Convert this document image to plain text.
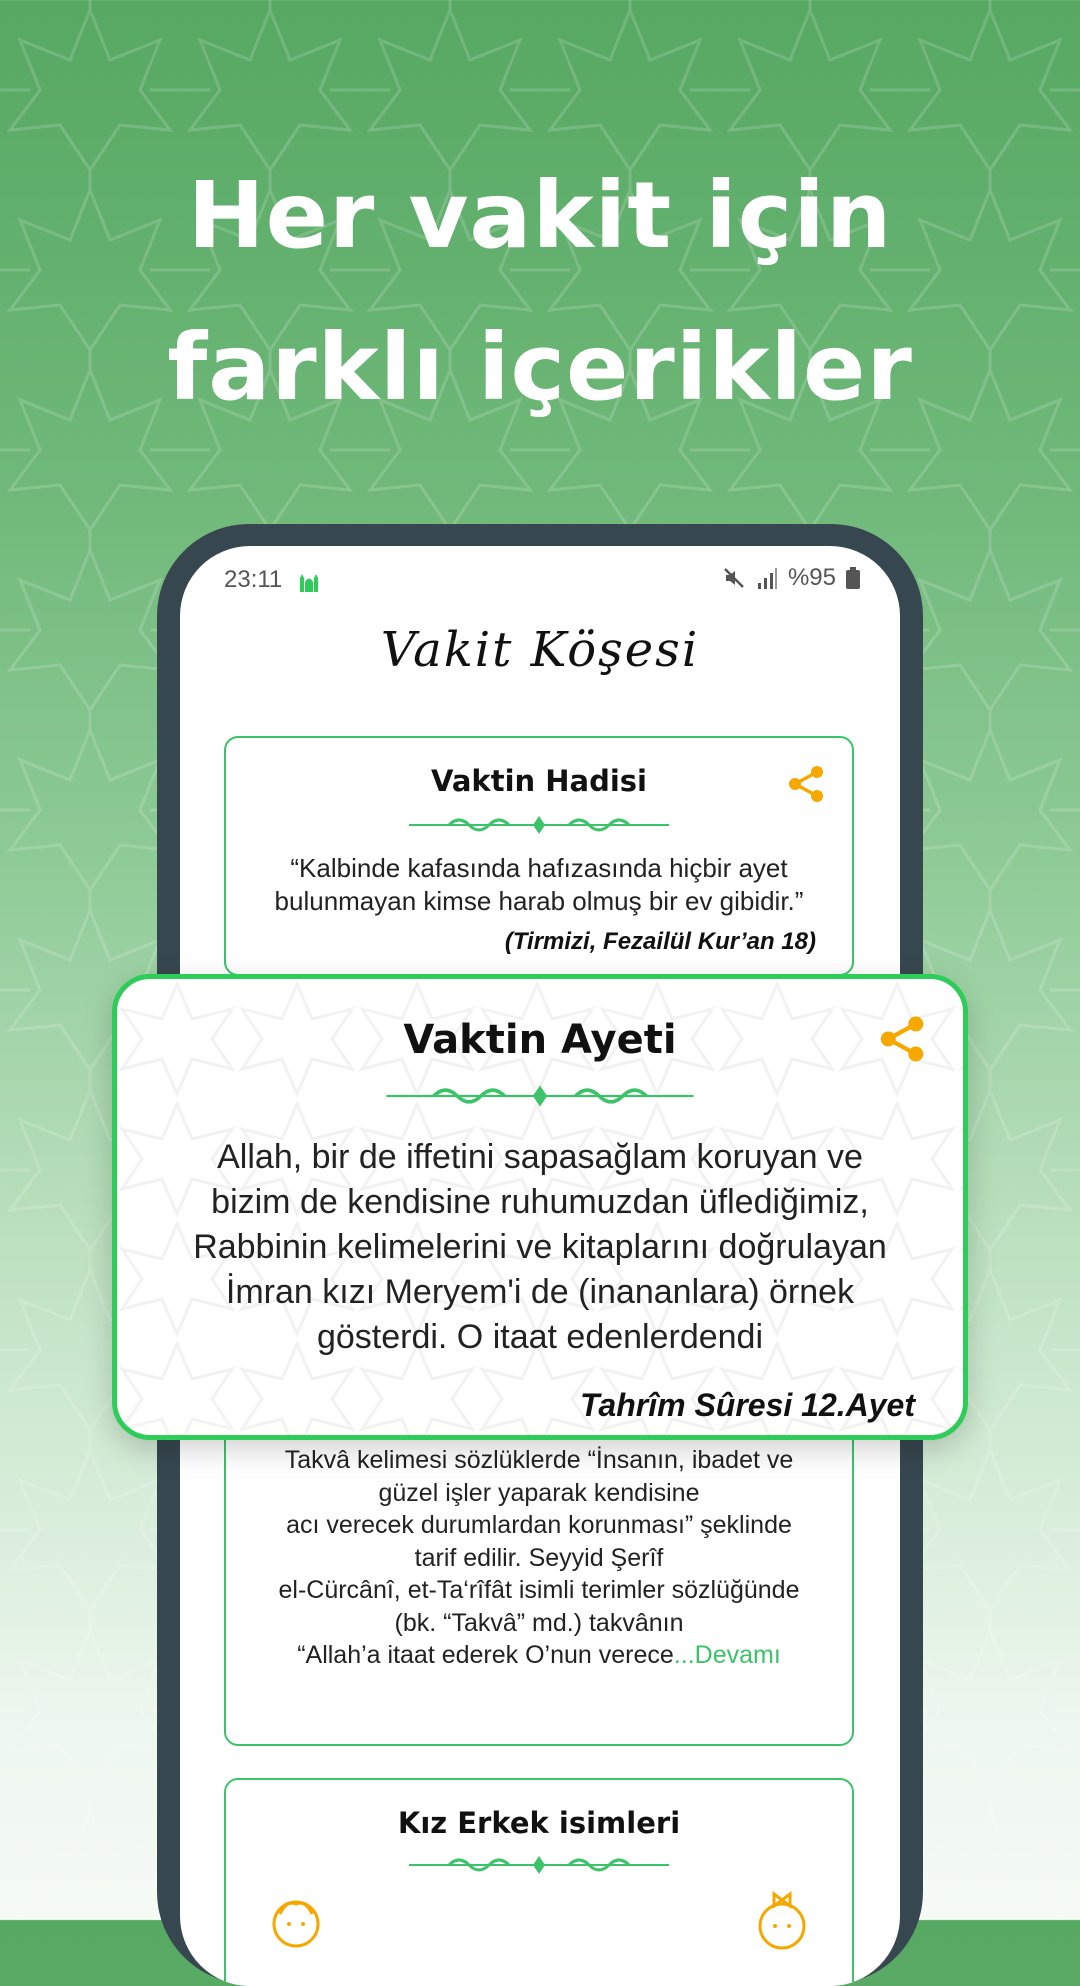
Her vakit için
farklı içerikler
23:11	%95
Vakit Köşesi
Vaktin Hadisi
“Kalbinde kafasında hafızasında hiçbir ayet
bulunmayan kimse harab olmuş bir ev gibidir.”
(Tirmizi, Fezailül Kur’an 18)
Takvâ kelimesi sözlüklerde “İnsanın, ibadet ve
güzel işler yaparak kendisine
acı verecek durumlardan korunması” şeklinde
tarif edilir. Seyyid Şerîf
el-Cürcânî, et-Ta‘rîfât isimli terimler sözlüğünde
(bk. “Takvâ” md.) takvânın
“Allah’a itaat ederek O’nun verece...Devamı
Kız Erkek isimleri
Vaktin Ayeti
Allah, bir de iffetini sapasağlam koruyan ve
bizim de kendisine ruhumuzdan üflediğimiz,
Rabbinin kelimelerini ve kitaplarını doğrulayan
İmran kızı Meryem'i de (inananlara) örnek
gösterdi. O itaat edenlerdendi
Tahrîm Sûresi 12.Ayet
